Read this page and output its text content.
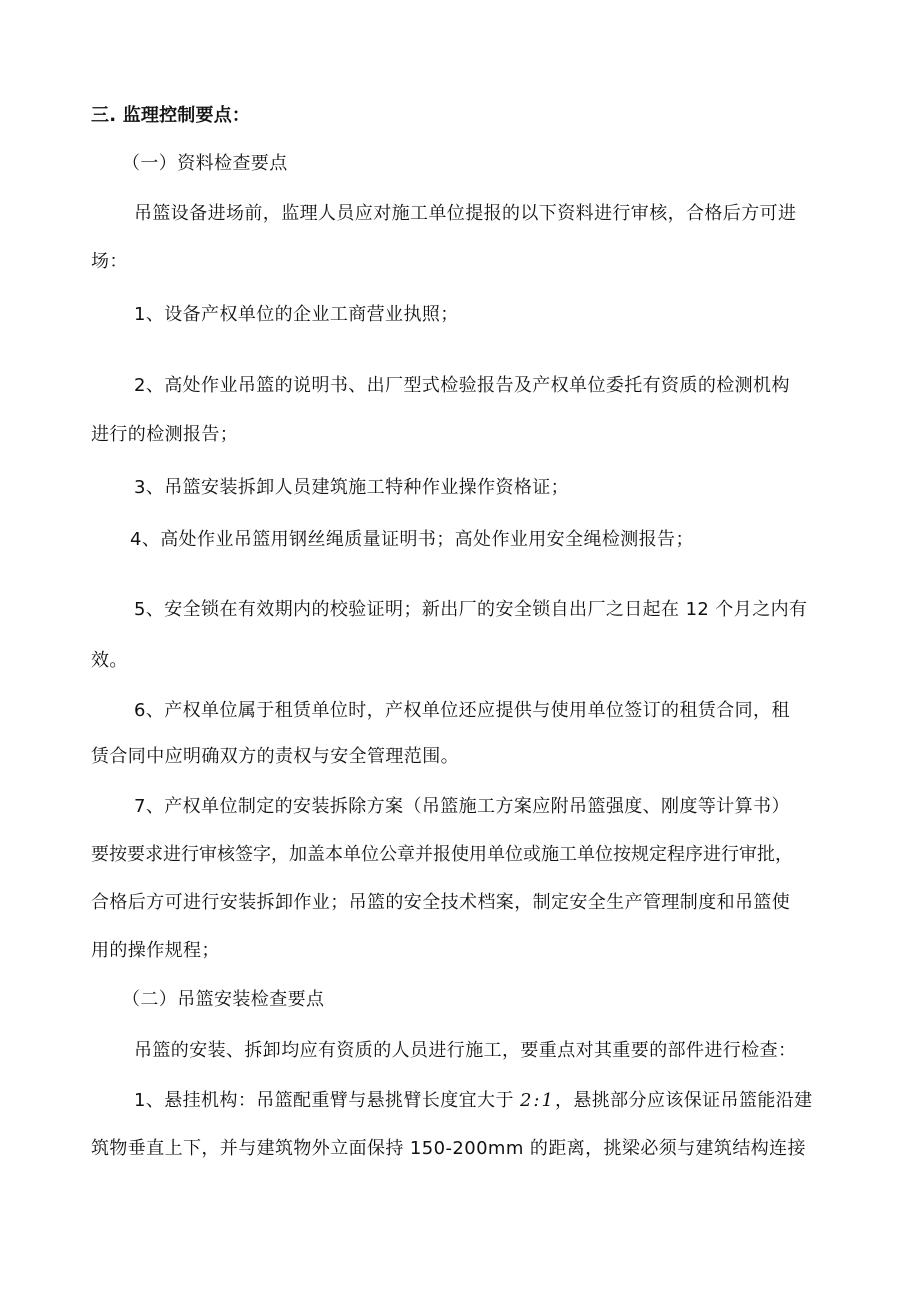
三. 监理控制要点：

（一）资料检查要点

吊篮设备进场前，监理人员应对施工单位提报的以下资料进行审核，合格后方可进

场：

1、设备产权单位的企业工商营业执照；

2、高处作业吊篮的说明书、出厂型式检验报告及产权单位委托有资质的检测机构

进行的检测报告；

3、吊篮安装拆卸人员建筑施工特种作业操作资格证；

4、高处作业吊篮用钢丝绳质量证明书；高处作业用安全绳检测报告；

5、安全锁在有效期内的校验证明；新出厂的安全锁自出厂之日起在 12 个月之内有

效。

6、产权单位属于租赁单位时，产权单位还应提供与使用单位签订的租赁合同，租

赁合同中应明确双方的责权与安全管理范围。

7、产权单位制定的安装拆除方案（吊篮施工方案应附吊篮强度、刚度等计算书）

要按要求进行审核签字，加盖本单位公章并报使用单位或施工单位按规定程序进行审批，

合格后方可进行安装拆卸作业；吊篮的安全技术档案，制定安全生产管理制度和吊篮使

用的操作规程；

（二）吊篮安装检查要点

吊篮的安装、拆卸均应有资质的人员进行施工，要重点对其重要的部件进行检查：

1、悬挂机构：吊篮配重臂与悬挑臂长度宜大于 2:1，悬挑部分应该保证吊篮能沿建

筑物垂直上下，并与建筑物外立面保持 150-200mm 的距离，挑梁必须与建筑结构连接
